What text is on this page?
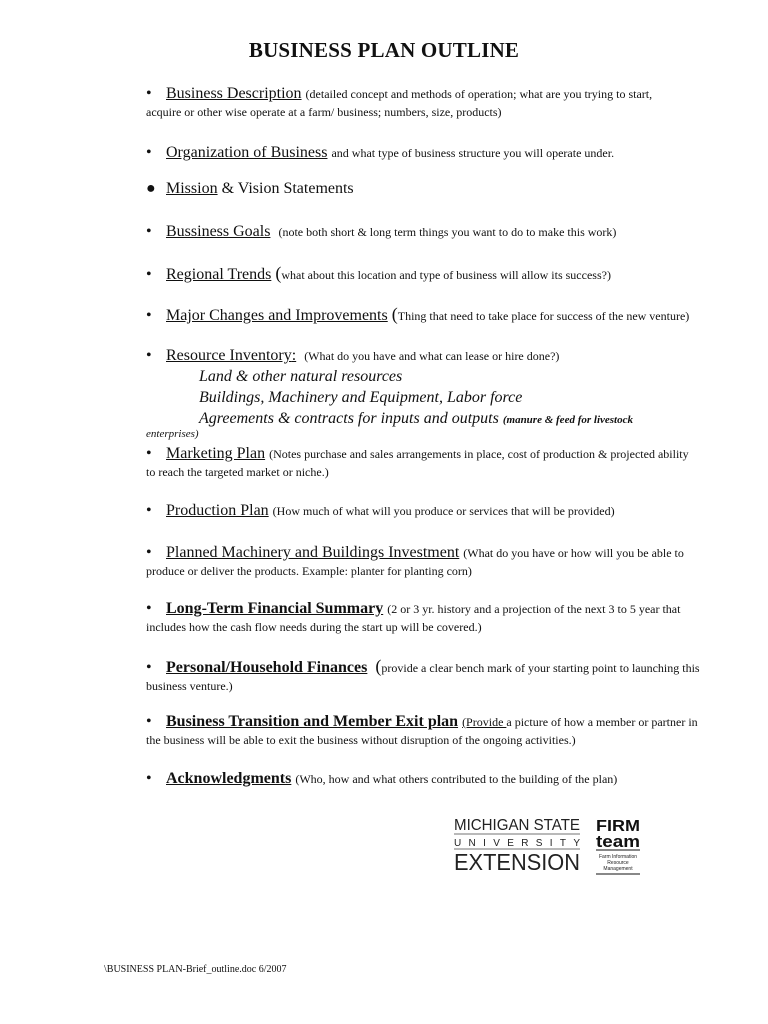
BUSINESS PLAN OUTLINE
• Business Description (detailed concept and methods of operation; what are you trying to start,
acquire or other wise operate at a farm/ business; numbers, size, products)
• Organization of Business and what type of business structure you will operate under.
● Mission & Vision Statements
• Bussiness Goals (note both short & long term things you want to do to make this work)
• Regional Trends (what about this location and type of business will allow its success?)
• Major Changes and Improvements (Thing that need to take place for success of the new venture)
• Resource Inventory: (What do you have and what can lease or hire done?)
Land & other natural resources
Buildings, Machinery and Equipment, Labor force
Agreements & contracts for inputs and outputs (manure & feed for livestock
enterprises)
• Marketing Plan (Notes purchase and sales arrangements in place, cost of production & projected ability
to reach the targeted market or niche.)
• Production Plan (How much of what will you produce or services that will be provided)
• Planned Machinery and Buildings Investment (What do you have or how will you be able to
produce or deliver the products. Example: planter for planting corn)
• Long-Term Financial Summary (2 or 3 yr. history and a projection of the next 3 to 5 year that
includes how the cash flow needs during the start up will be covered.)
• Personal/Household Finances (provide a clear bench mark of your starting point to launching this
business venture.)
• Business Transition and Member Exit plan (Provide a picture of how a member or partner in
the business will be able to exit the business without disruption of the ongoing activities.)
• Acknowledgments (Who, how and what others contributed to the building of the plan)
MICHIGAN STATE
UNIVERSITY
EXTENSION
FIRM
team
Farm Information
Resource
Management
\BUSINESS PLAN-Brief_outline.doc 6/2007
